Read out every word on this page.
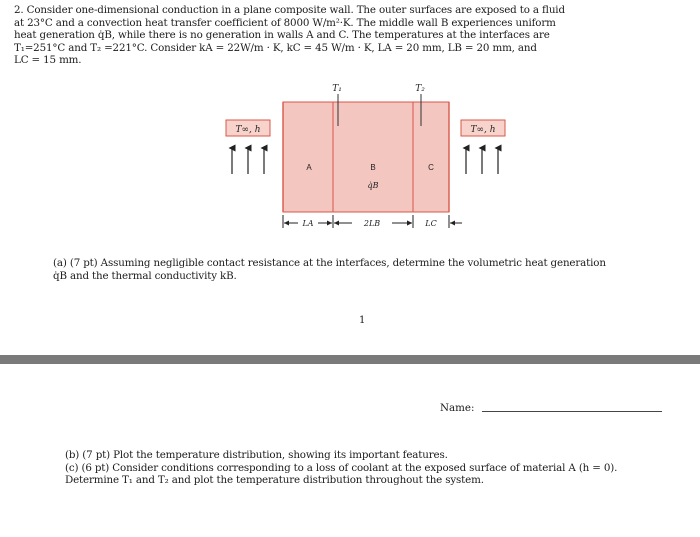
2. Consider one-dimensional conduction in a plane composite wall. The outer surfaces are exposed to a fluid
at 23°C and a convection heat transfer coefficient of 8000 W/m²·K. The middle wall B experiences uniform
heat generation q̇B, while there is no generation in walls A and C. The temperatures at the interfaces are
T₁=251°C and T₂ =221°C. Consider kA = 22W/m · K, kC = 45 W/m · K, LA = 20 mm, LB = 20 mm, and
LC = 15 mm.
T∞, h	T∞, h
T₁	T₂
A	B	C
q̇B
LA	2LB	LC
(a) (7 pt) Assuming negligible contact resistance at the interfaces, determine the volumetric heat generation
q̇B and the thermal conductivity kB.
1
Name:
(b) (7 pt) Plot the temperature distribution, showing its important features.
(c) (6 pt) Consider conditions corresponding to a loss of coolant at the exposed surface of material A (h = 0).
Determine T₁ and T₂ and plot the temperature distribution throughout the system.
